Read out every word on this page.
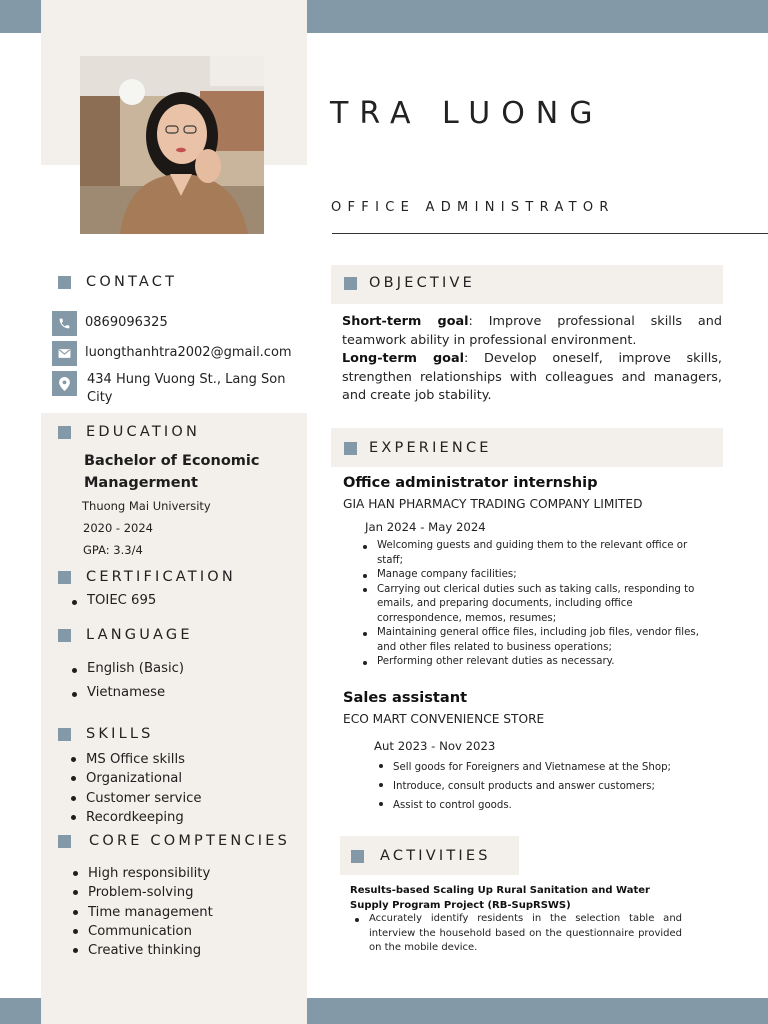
TRA LUONG
OFFICE ADMINISTRATOR
CONTACT
0869096325
luongthanhtra2002@gmail.com
434 Hung Vuong St., Lang Son City
EDUCATION
Bachelor of Economic Managerment
Thuong Mai University
2020 - 2024
GPA: 3.3/4
CERTIFICATION
TOIEC 695
LANGUAGE
English (Basic)
Vietnamese
SKILLS
MS Office skills
Organizational
Customer service
Recordkeeping
CORE COMPTENCIES
High responsibility
Problem-solving
Time management
Communication
Creative thinking
OBJECTIVE

Short-term goal: Improve professional skills and teamwork ability in professional environment.

Long-term goal: Develop oneself, improve skills, strengthen relationships with colleagues and managers, and create job stability.

EXPERIENCE
Office administrator internship
GIA HAN PHARMACY TRADING COMPANY LIMITED
Jan 2024 - May 2024
Welcoming guests and guiding them to the relevant office or staff;
Manage company facilities;
Carrying out clerical duties such as taking calls, responding to emails, and preparing documents, including office correspondence, memos, resumes;
Maintaining general office files, including job files, vendor files, and other files related to business operations;
Performing other relevant duties as necessary.
Sales assistant
ECO MART CONVENIENCE STORE
Aut 2023 - Nov 2023
Sell goods for Foreigners and Vietnamese at the Shop;
Introduce, consult products and answer customers;
Assist to control goods.
ACTIVITIES
Results-based Scaling Up Rural Sanitation and Water Supply Program Project (RB-SupRSWS)
Accurately identify residents in the selection table and interview the household based on the questionnaire provided on the mobile device.
